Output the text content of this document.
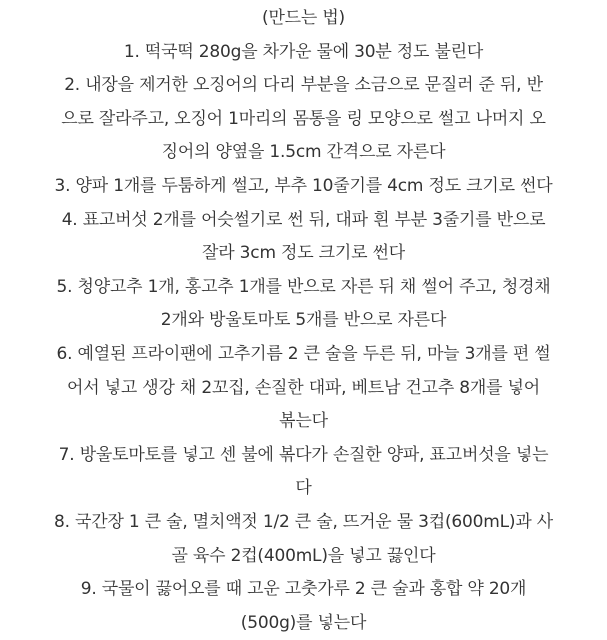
(만드는 법)
1. 떡국떡 280g을 차가운 물에 30분 정도 불린다
2. 내장을 제거한 오징어의 다리 부분을 소금으로 문질러 준 뒤, 반
으로 잘라주고, 오징어 1마리의 몸통을 링 모양으로 썰고 나머지 오
징어의 양옆을 1.5cm 간격으로 자른다
3. 양파 1개를 두툼하게 썰고, 부추 10줄기를 4cm 정도 크기로 썬다
4. 표고버섯 2개를 어슷썰기로 썬 뒤, 대파 흰 부분 3줄기를 반으로
잘라 3cm 정도 크기로 썬다
5. 청양고추 1개, 홍고추 1개를 반으로 자른 뒤 채 썰어 주고, 청경채
2개와 방울토마토 5개를 반으로 자른다
6. 예열된 프라이팬에 고추기름 2 큰 술을 두른 뒤, 마늘 3개를 편 썰
어서 넣고 생강 채 2꼬집, 손질한 대파, 베트남 건고추 8개를 넣어
볶는다
7. 방울토마토를 넣고 센 불에 볶다가 손질한 양파, 표고버섯을 넣는
다
8. 국간장 1 큰 술, 멸치액젓 1/2 큰 술, 뜨거운 물 3컵(600mL)과 사
골 육수 2컵(400mL)을 넣고 끓인다
9. 국물이 끓어오를 때 고운 고춧가루 2 큰 술과 홍합 약 20개
(500g)를 넣는다
